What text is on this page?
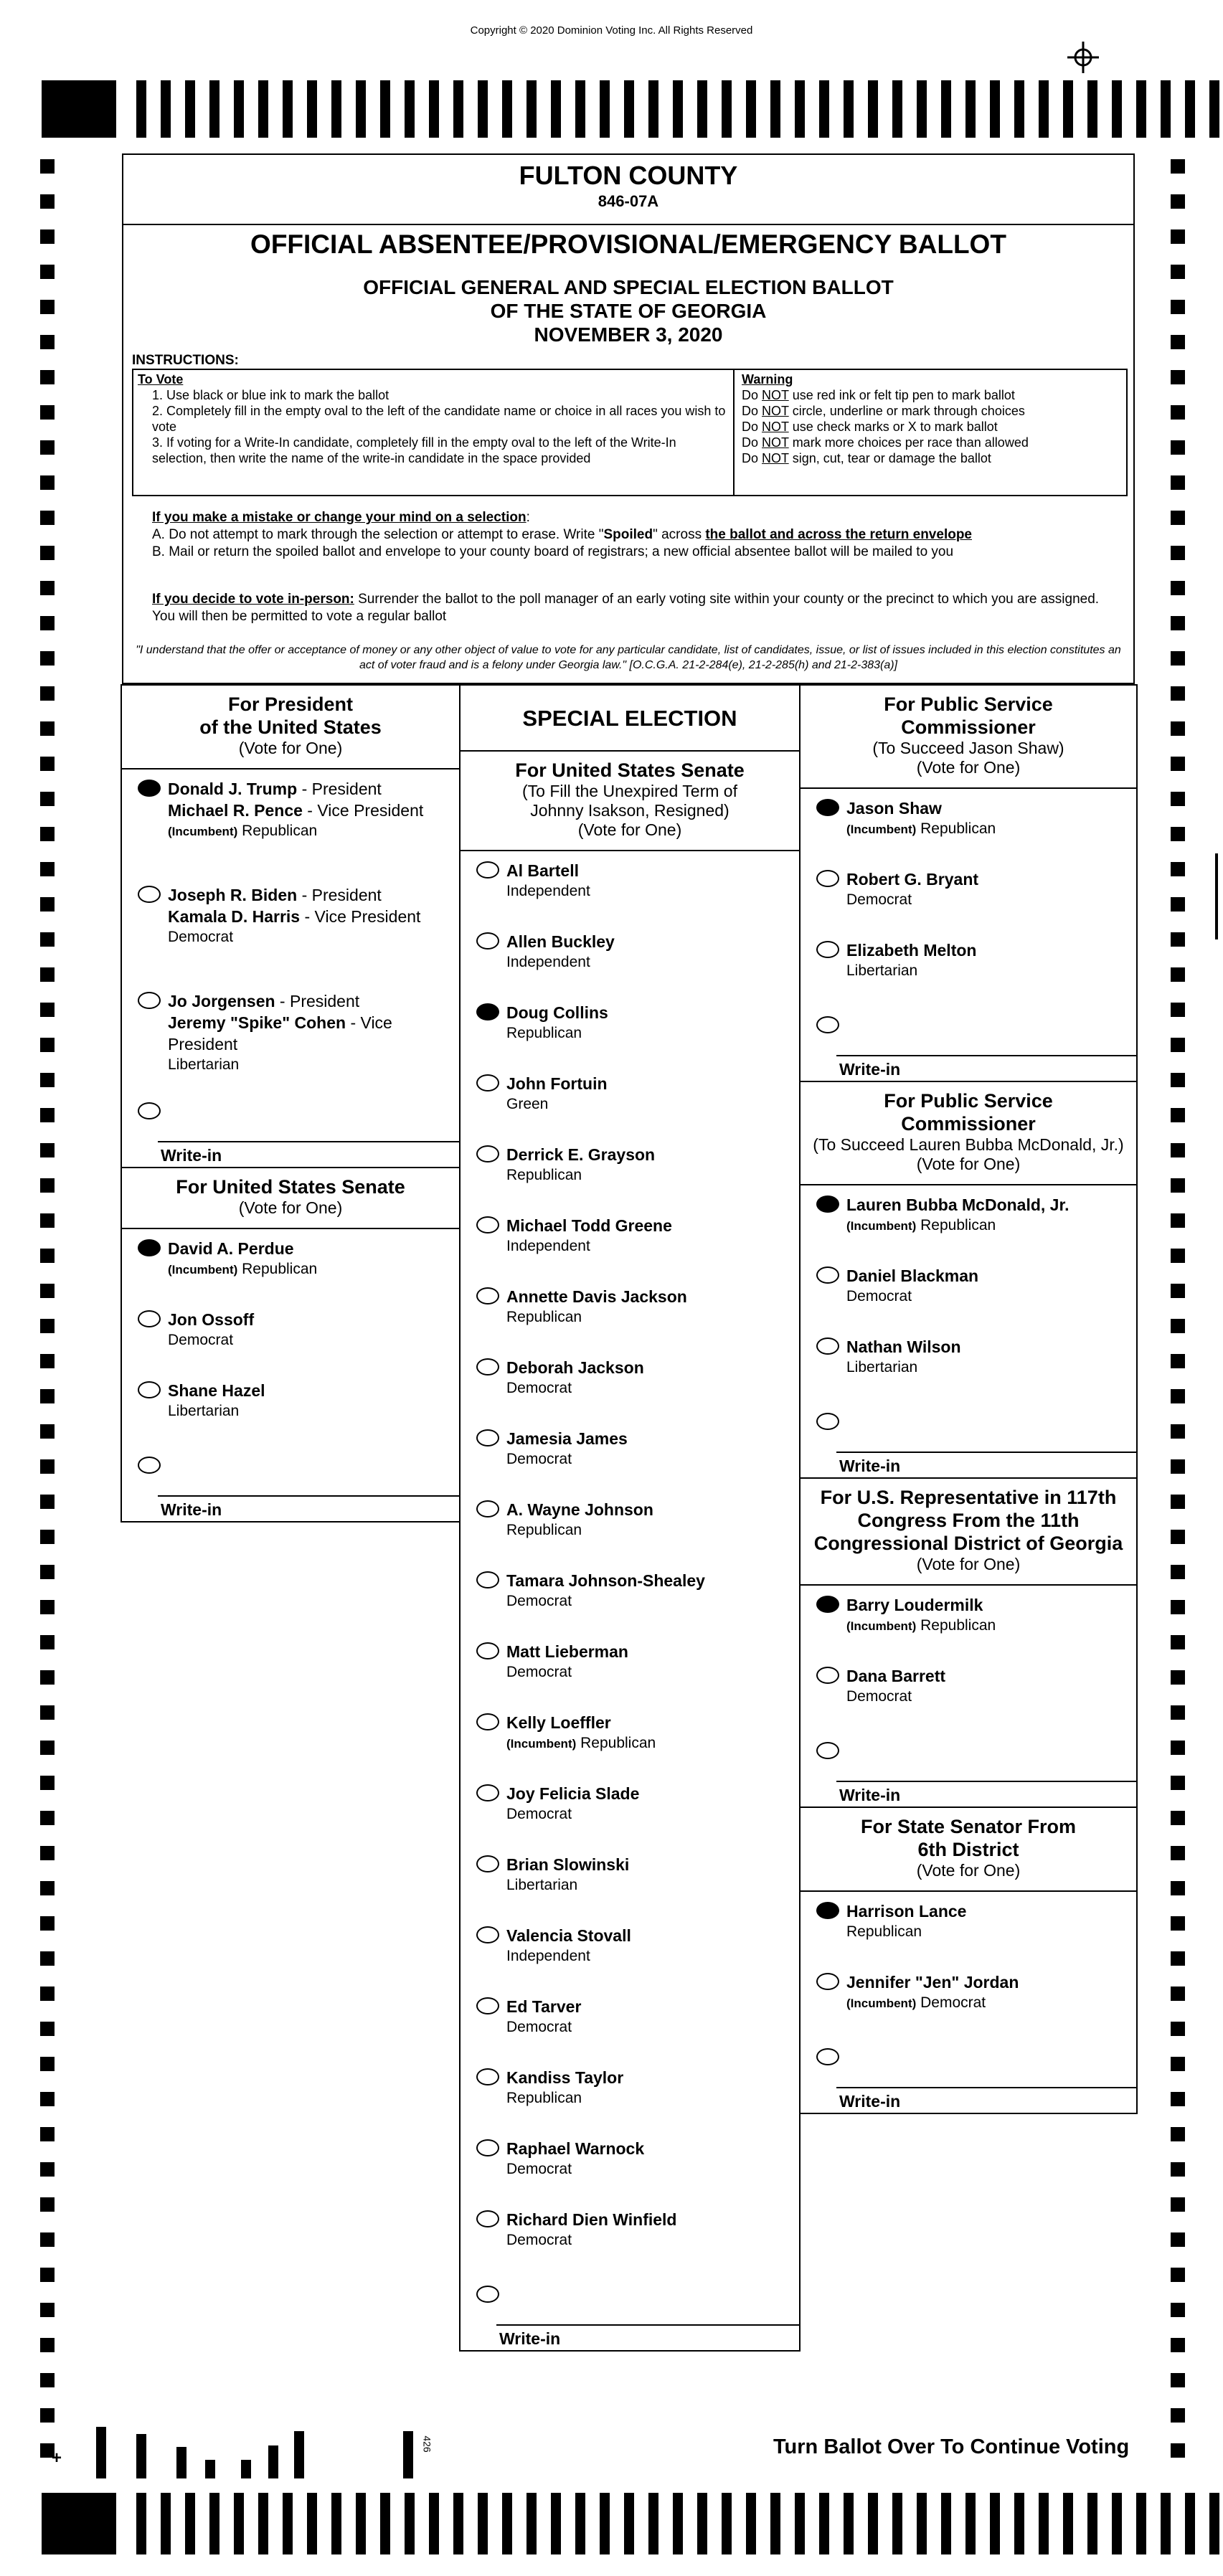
Copyright © 2020 Dominion Voting Inc. All Rights Reserved
FULTON COUNTY
846-07A
OFFICIAL ABSENTEE/PROVISIONAL/EMERGENCY BALLOT
OFFICIAL GENERAL AND SPECIAL ELECTION BALLOT
OF THE STATE OF GEORGIA
NOVEMBER 3, 2020
INSTRUCTIONS:
To Vote
1. Use black or blue ink to mark the ballot
2. Completely fill in the empty oval to the left of the candidate name or choice in all races you wish to vote
3. If voting for a Write-In candidate, completely fill in the empty oval to the left of the Write-In selection, then write the name of the write-in candidate in the space provided
Warning
Do NOT use red ink or felt tip pen to mark ballot
Do NOT circle, underline or mark through choices
Do NOT use check marks or X to mark ballot
Do NOT mark more choices per race than allowed
Do NOT sign, cut, tear or damage the ballot

If you make a mistake or change your mind on a selection:

A. Do not attempt to mark through the selection or attempt to erase. Write "Spoiled" across the ballot and across the return envelope

B. Mail or return the spoiled ballot and envelope to your county board of registrars; a new official absentee ballot will be mailed to you

If you decide to vote in-person: Surrender the ballot to the poll manager of an early voting site within your county or the precinct to which you are assigned. You will then be permitted to vote a regular ballot
"I understand that the offer or acceptance of money or any other object of value to vote for any particular candidate, list of candidates, issue, or list of issues included in this election constitutes an act of voter fraud and is a felony under Georgia law." [O.C.G.A. 21-2-284(e), 21-2-285(h) and 21-2-383(a)]
For President
of the United States
(Vote for One)
Donald J. Trump - President
Michael R. Pence - Vice President
(Incumbent) Republican
Joseph R. Biden - President
Kamala D. Harris - Vice President
Democrat
Jo Jorgensen - President
Jeremy "Spike" Cohen - Vice President
Libertarian
Write-in
For United States Senate
(Vote for One)
David A. Perdue
(Incumbent) Republican
Jon Ossoff
Democrat
Shane Hazel
Libertarian
Write-in
SPECIAL ELECTION
For United States Senate
(To Fill the Unexpired Term of
Johnny Isakson, Resigned)
(Vote for One)
Al Bartell
Independent
Allen Buckley
Independent
Doug Collins
Republican
John Fortuin
Green
Derrick E. Grayson
Republican
Michael Todd Greene
Independent
Annette Davis Jackson
Republican
Deborah Jackson
Democrat
Jamesia James
Democrat
A. Wayne Johnson
Republican
Tamara Johnson-Shealey
Democrat
Matt Lieberman
Democrat
Kelly Loeffler
(Incumbent) Republican
Joy Felicia Slade
Democrat
Brian Slowinski
Libertarian
Valencia Stovall
Independent
Ed Tarver
Democrat
Kandiss Taylor
Republican
Raphael Warnock
Democrat
Richard Dien Winfield
Democrat
Write-in
For Public Service
Commissioner
(To Succeed Jason Shaw)
(Vote for One)
Jason Shaw
(Incumbent) Republican
Robert G. Bryant
Democrat
Elizabeth Melton
Libertarian
Write-in
For Public Service
Commissioner
(To Succeed Lauren Bubba McDonald, Jr.)
(Vote for One)
Lauren Bubba McDonald, Jr.
(Incumbent) Republican
Daniel Blackman
Democrat
Nathan Wilson
Libertarian
Write-in
For U.S. Representative in 117th
Congress From the 11th
Congressional District of Georgia
(Vote for One)
Barry Loudermilk
(Incumbent) Republican
Dana Barrett
Democrat
Write-in
For State Senator From
6th District
(Vote for One)
Harrison Lance
Republican
Jennifer "Jen" Jordan
(Incumbent) Democrat
Write-in
+
426	Turn Ballot Over To Continue Voting
